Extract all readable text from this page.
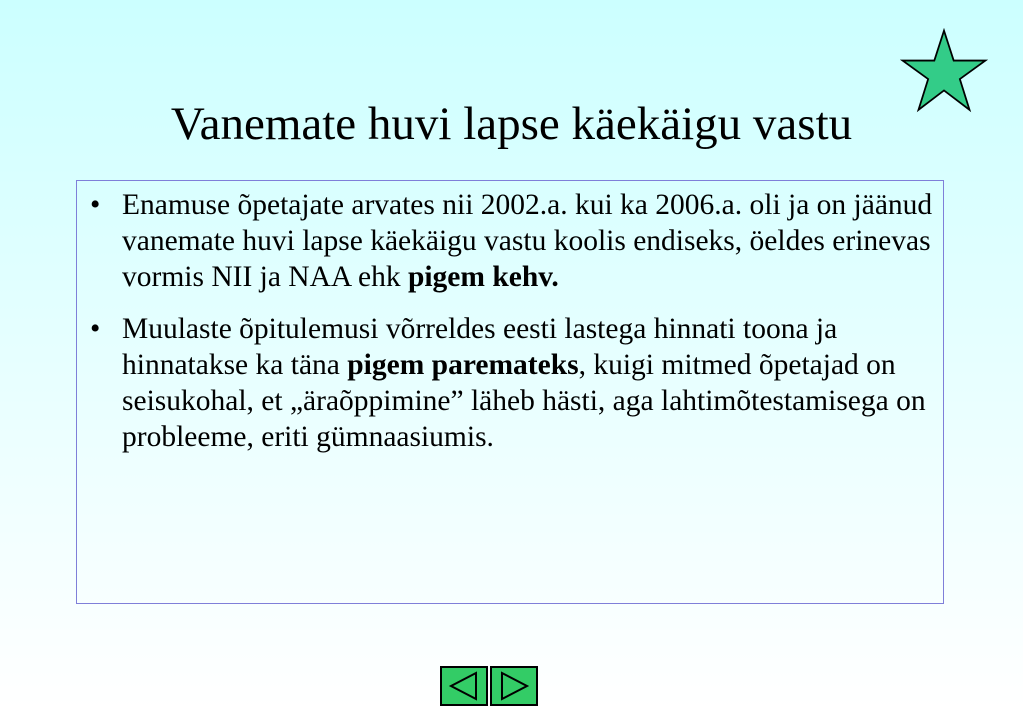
Vanemate huvi lapse käekäigu vastu
• Enamuse õpetajate arvates nii 2002.a. kui ka 2006.a. oli ja on jäänud vanemate huvi lapse käekäigu vastu koolis endiseks, öeldes erinevas vormis NII ja NAA ehk pigem kehv.
• Muulaste õpitulemusi võrreldes eesti lastega hinnati toona ja hinnatakse ka täna pigem paremateks, kuigi mitmed õpetajad on seisukohal, et „äraõppimine” läheb hästi, aga lahtimõtestamisega on probleeme, eriti gümnaasiumis.
